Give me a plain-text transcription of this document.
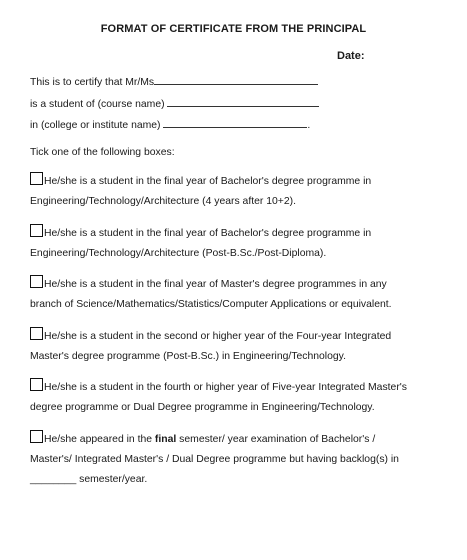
FORMAT OF CERTIFICATE FROM THE PRINCIPAL
Date:
This is to certify that Mr/Ms
is a student of (course name)
in (college or institute name)	.
Tick one of the following boxes:
He/she is a student in the final year of Bachelor's degree programme in
Engineering/Technology/Architecture (4 years after 10+2).
He/she is a student in the final year of Bachelor's degree programme in
Engineering/Technology/Architecture (Post-B.Sc./Post-Diploma).
He/she is a student in the final year of Master's degree programmes in any
branch of Science/Mathematics/Statistics/Computer Applications or equivalent.
He/she is a student in the second or higher year of the Four-year Integrated
Master's degree programme (Post-B.Sc.) in Engineering/Technology.
He/she is a student in the fourth or higher year of Five-year Integrated Master's
degree programme or Dual Degree programme in Engineering/Technology.
He/she appeared in the final semester/ year examination of Bachelor's /
Master's/ Integrated Master's / Dual Degree programme but having backlog(s) in
________ semester/year.
